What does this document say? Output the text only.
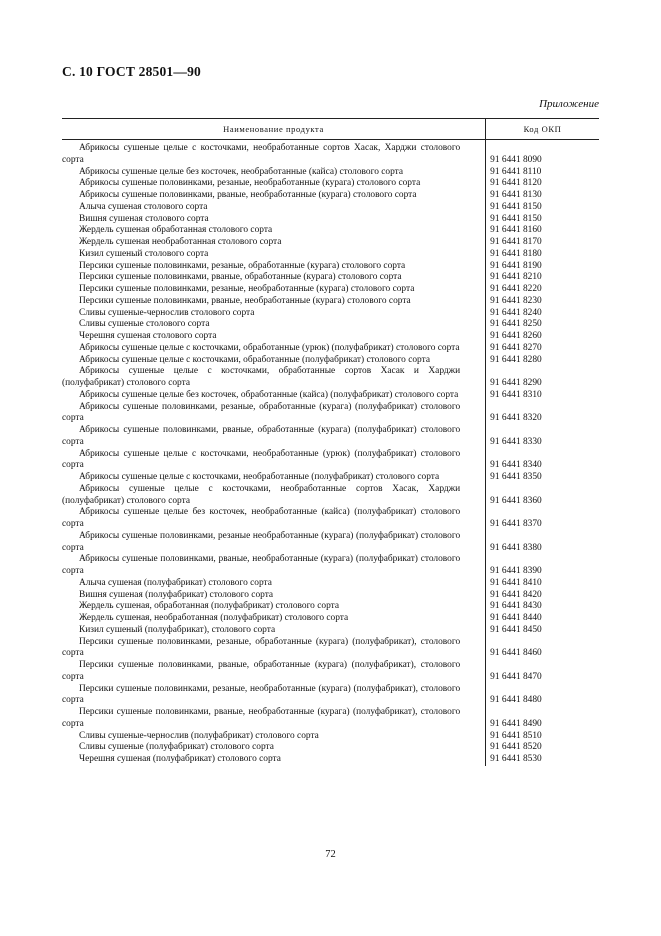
С. 10 ГОСТ 28501—90
Приложение
Наименование продукта	Код ОКП
Абрикосы сушеные целые с косточками, необработанные сортов Хасак, Харджи столового сорта	91 6441 8090
Абрикосы сушеные целые без косточек, необработанные (кайса) столового сорта	91 6441 8110
Абрикосы сушеные половинками, резаные, необработанные (курага) столового сорта	91 6441 8120
Абрикосы сушеные половинками, рваные, необработанные (курага) столового сорта	91 6441 8130
Алыча сушеная столового сорта	91 6441 8150
Вишня сушеная столового сорта	91 6441 8150
Жердель сушеная обработанная столового сорта	91 6441 8160
Жердель сушеная необработанная столового сорта	91 6441 8170
Кизил сушеный столового сорта	91 6441 8180
Персики сушеные половинками, резаные, обработанные (курага) столового сорта	91 6441 8190
Персики сушеные половинками, рваные, обработанные (курага) столового сорта	91 6441 8210
Персики сушеные половинками, резаные, необработанные (курага) столового сорта	91 6441 8220
Персики сушеные половинками, рваные, необработанные (курага) столового сорта	91 6441 8230
Сливы сушеные-чернослив столового сорта	91 6441 8240
Сливы сушеные столового сорта	91 6441 8250
Черешня сушеная столового сорта	91 6441 8260
Абрикосы сушеные целые с косточками, обработанные (урюк) (полуфабрикат) столового сорта	91 6441 8270
Абрикосы сушеные целые с косточками, обработанные (полуфабрикат) столового сорта	91 6441 8280
Абрикосы сушеные целые с косточками, обработанные сортов Хасак и Харджи (полуфабрикат) столового сорта	91 6441 8290
Абрикосы сушеные целые без косточек, обработанные (кайса) (полуфабрикат) столового сорта	91 6441 8310
Абрикосы сушеные половинками, резаные, обработанные (курага) (полуфабрикат) столового сорта	91 6441 8320
Абрикосы сушеные половинками, рваные, обработанные (курага) (полуфабрикат) столового сорта	91 6441 8330
Абрикосы сушеные целые с косточками, необработанные (урюк) (полуфабрикат) столового сорта	91 6441 8340
Абрикосы сушеные целые с косточками, необработанные (полуфабрикат) столового сорта	91 6441 8350
Абрикосы сушеные целые с косточками, необработанные сортов Хасак, Харджи (полуфабрикат) столового сорта	91 6441 8360
Абрикосы сушеные целые без косточек, необработанные (кайса) (полуфабрикат) столового сорта	91 6441 8370
Абрикосы сушеные половинками, резаные необработанные (курага) (полуфабрикат) столового сорта	91 6441 8380
Абрикосы сушеные половинками, рваные, необработанные (курага) (полуфабрикат) столового сорта	91 6441 8390
Алыча сушеная (полуфабрикат) столового сорта	91 6441 8410
Вишня сушеная (полуфабрикат) столового сорта	91 6441 8420
Жердель сушеная, обработанная (полуфабрикат) столового сорта	91 6441 8430
Жердель сушеная, необработанная (полуфабрикат) столового сорта	91 6441 8440
Кизил сушеный (полуфабрикат), столового сорта	91 6441 8450
Персики сушеные половинками, резаные, обработанные (курага) (полуфабрикат), столового сорта	91 6441 8460
Персики сушеные половинками, рваные, обработанные (курага) (полуфабрикат), столового сорта	91 6441 8470
Персики сушеные половинками, резаные, необработанные (курага) (полуфабрикат), столового сорта	91 6441 8480
Персики сушеные половинками, рваные, необработанные (курага) (полуфабрикат), столового сорта	91 6441 8490
Сливы сушеные-чернослив (полуфабрикат) столового сорта	91 6441 8510
Сливы сушеные (полуфабрикат) столового сорта	91 6441 8520
Черешня сушеная (полуфабрикат) столового сорта	91 6441 8530
72
